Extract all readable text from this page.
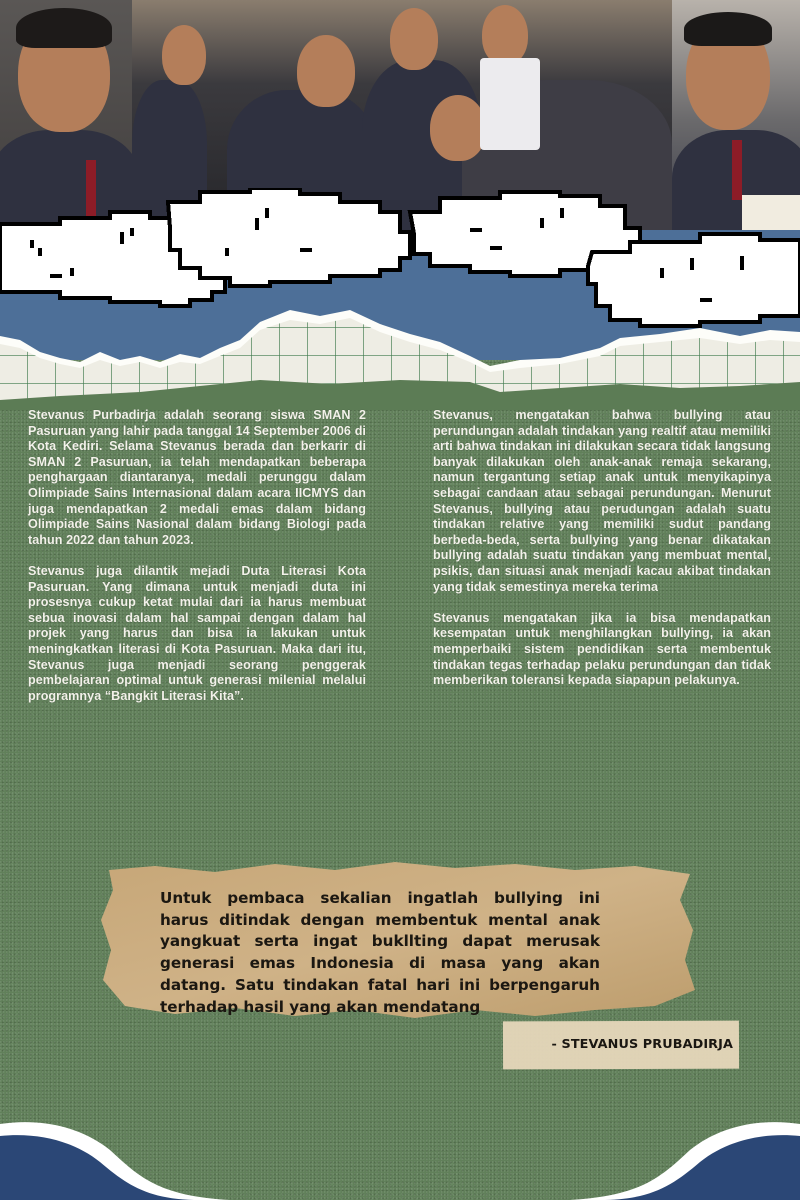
Stevanus Purbadirja adalah seorang siswa SMAN 2 Pasuruan yang lahir pada tanggal 14 September 2006 di Kota Kediri. Selama Stevanus berada dan berkarir di SMAN 2 Pasuruan, ia telah mendapatkan beberapa penghargaan diantaranya, medali perunggu dalam Olimpiade Sains Internasional dalam acara IICMYS dan juga mendapatkan 2 medali emas dalam bidang Olimpiade Sains Nasional dalam bidang Biologi pada tahun 2022 dan tahun 2023.

Stevanus juga dilantik mejadi Duta Literasi Kota Pasuruan. Yang dimana untuk menjadi duta ini prosesnya cukup ketat mulai dari ia harus membuat sebua inovasi dalam hal sampai dengan dalam hal projek yang harus dan bisa ia lakukan untuk meningkatkan literasi di Kota Pasuruan. Maka dari itu, Stevanus juga menjadi seorang penggerak pembelajaran optimal untuk generasi milenial melalui programnya “Bangkit Literasi Kita”.

Stevanus, mengatakan bahwa bullying atau perundungan adalah tindakan yang realtif atau memiliki arti bahwa tindakan ini dilakukan secara tidak langsung banyak dilakukan oleh anak-anak remaja sekarang, namun tergantung setiap anak untuk menyikapinya sebagai candaan atau sebagai perundungan. Menurut Stevanus, bullying atau perudungan adalah suatu tindakan relative yang memiliki sudut pandang berbeda-beda, serta bullying yang benar dikatakan bullying adalah suatu tindakan yang membuat mental, psikis, dan situasi anak menjadi kacau akibat tindakan yang tidak semestinya mereka terima

Stevanus mengatakan jika ia bisa mendapatkan kesempatan untuk menghilangkan bullying, ia akan memperbaiki sistem pendidikan serta membentuk tindakan tegas terhadap pelaku perundungan dan tidak memberikan toleransi kepada siapapun pelakunya.

Untuk pembaca sekalian ingatlah bullying ini harus ditindak dengan membentuk mental anak yangkuat serta ingat bukllting dapat merusak generasi emas Indonesia di masa yang akan datang. Satu tindakan fatal hari ini berpengaruh terhadap hasil yang akan mendatang
- STEVANUS PRUBADIRJA
